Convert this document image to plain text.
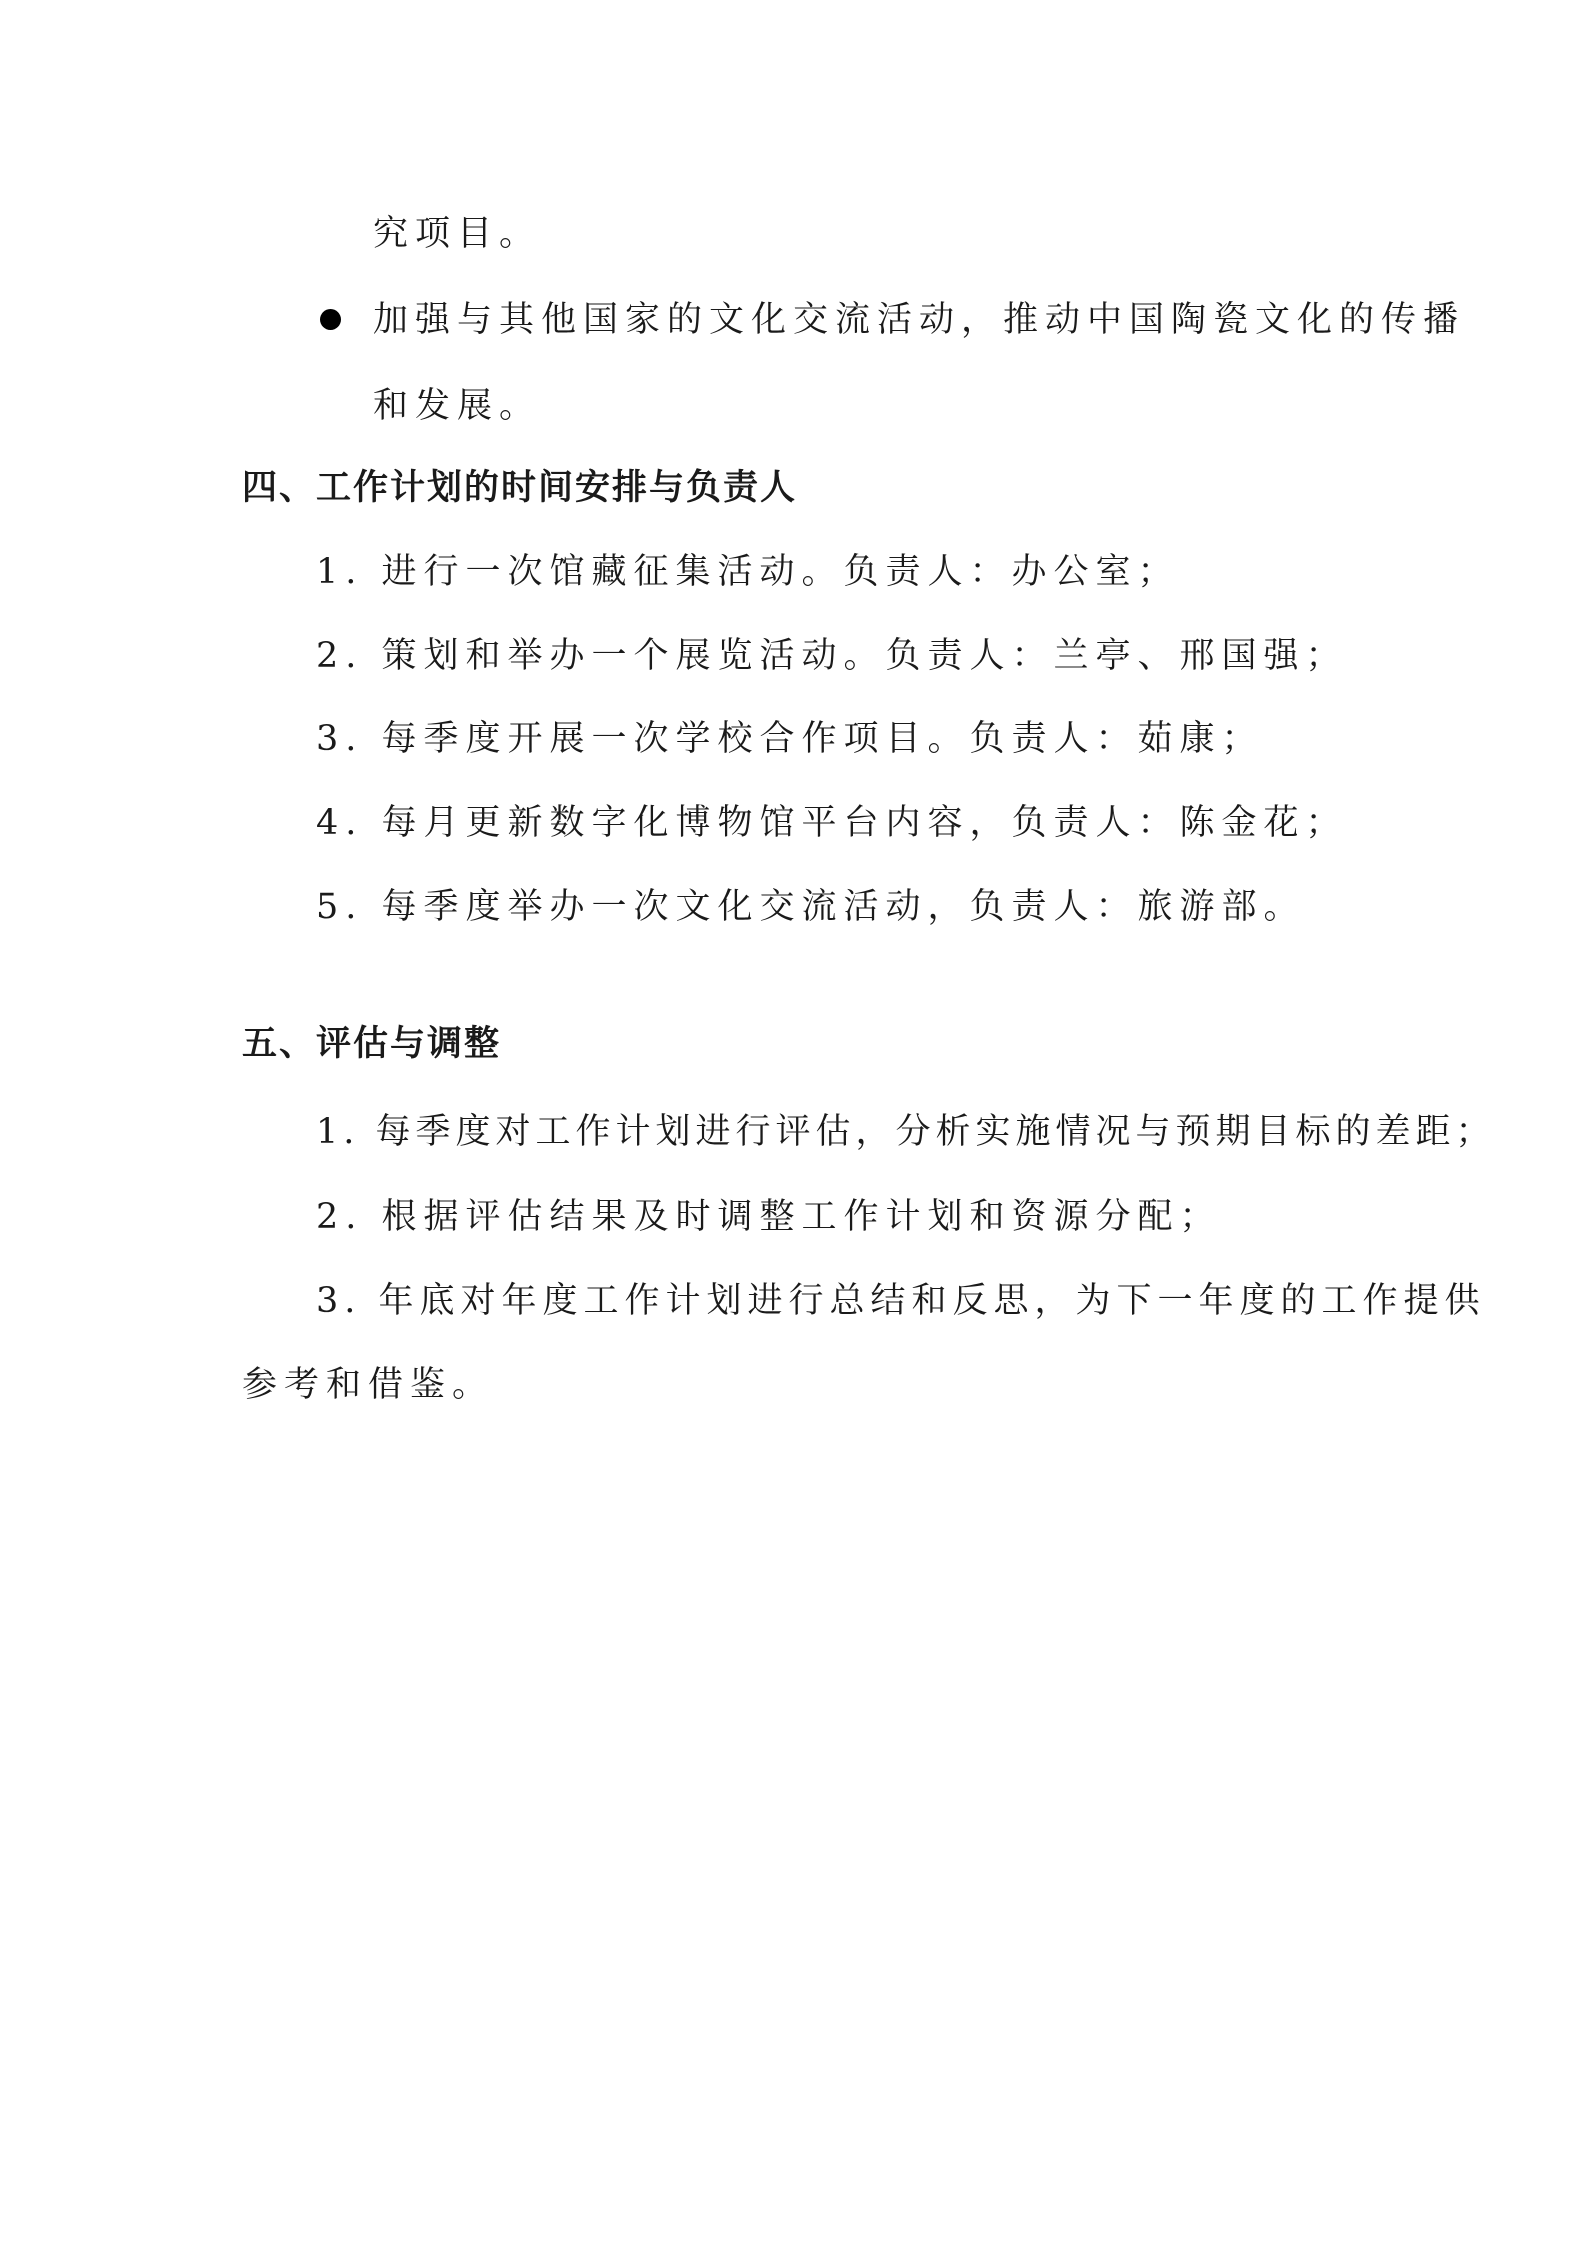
究项目。
加强与其他国家的文化交流活动，推动中国陶瓷文化的传播
和发展。
四、工作计划的时间安排与负责人
1. 进行一次馆藏征集活动。负责人：办公室；
2. 策划和举办一个展览活动。负责人：兰亭、邢国强；
3. 每季度开展一次学校合作项目。负责人：茹康；
4. 每月更新数字化博物馆平台内容，负责人：陈金花；
5. 每季度举办一次文化交流活动，负责人：旅游部。
五、评估与调整
1. 每季度对工作计划进行评估，分析实施情况与预期目标的差距；
2. 根据评估结果及时调整工作计划和资源分配；
3. 年底对年度工作计划进行总结和反思，为下一年度的工作提供
参考和借鉴。
